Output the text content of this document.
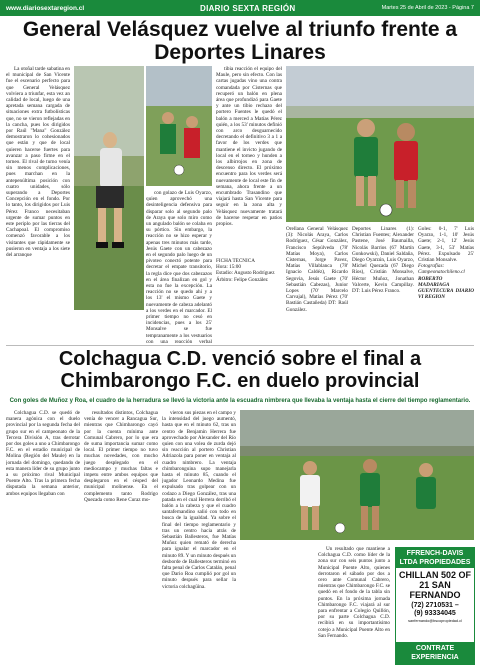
www.diariosextaregion.cl	DIARIO SEXTA REGIÓN	Martes 25 de Abril de 2023 - Página 7
General Velásquez vuelve al triunfo frente a Deportes Linares

La otoñal tarde sabatina en el municipal de San Vicente fue el escenario perfecto para que General Velásquez volviera a triunfar, esta vez an calidad de local, luego de una apretada semana cargada de situaciones extra futbolísticas que, no se vieron reflejadas en la cancha, pues los dirigidos por Raúl "Mana" González demostraron lo cohesionados que están y que de local quieren hacerse fuertes para avanzar a paso firme en el torneo. El rival de turno venía sin menos complicaciones, pues marchan en la antepenúltima posición con cuatro unidades, sólo superando a Deportes Concepción en el fondo. Por lo tanto, los dirigidos por Luis Pérez Franco necesitaban urgente de sumar puntos en este periplo por las tierras del Cachapoal. El compromiso comenzó favorable a los visitantes que rápidamente se pusieron en ventaja a los siete del arranque

con golazo de Luis Oyarzo, quien aprovechó una desinteligencia defensiva para disparar solo al segundo palo de Araya que solo miro como un angulado balón se colaba en su pórtico. Sin embargo, la reacción no se hizo esperar y apenas tres minutos más tarde, Jesús Gaete con un cabezazo en el segundo palo luego de un pivoteo conectó potente para decretar el empate transitorio, la regla dice que dos cabezazos en el área finalizan en gol y esta no fue la excepción. La reacción no se quedo ahí y a los 13' el mismo Gaete y nuevamente de cabeza adelantó a los verdes en el marcador. El primer tiempo no cesó en incidencias, pues a los 25' Monsalve se fue tempranamente a los vestuarios con una reacción verbal

tibia reacción el equipo del Maule, pero sin efecto. Con las cartas jugadas vino una contra comandada por Cisternas que recuperó un balón en plena área que profundizó para Gaete y ante un tibio rechazo del portero Fuentes le quedó el balón a merced a Matías Pérez quién, a los 53' minutos definió con arco desguarnecido decretando el definitivo 3 a 1 a favor de los verdes que mantiene el invicto jugando de local en el torneo y hunden a los albirrojos en zona de descenso directo. El próximo encuentro para los verdes será nuevamente de local este fin de semana, ahora frente a un encumbrado Trasandino que viajará hasta San Vicente para seguir en la zona alta y Velásquez nuevamente tratará de hacerse respetar en patios propios.

FICHA TÉCNICA
Hora: 15:00
Estadio: Augusto Rodríguez
Árbitro: Felipe González

Orellana General Velásquez (3): Nicolás Araya, Carlos Rodríguez, César González, Francisco Sepúlveda (78' Matías Moya), Carlos Cisternas, Jorge Pavez, Matías Villablanca (78' Ignacio Caldéz), Ricardo Segovia, Jesús Gaete (70' Sebastián Cabezas), Junior Lopes (70' Marcelo Carvajal), Matías Pérez (70' Bastián Castañeda) DT: Raúl González.

Deportes Linares (1): Christian Fuentes; Alexander Pastene, José Baumailla, Nicolás Barrios (67 Martín Gonkowski), Daniel Saldaña, Diego Oyarzún, Luis Oyarzo, Michel Quezada (67 Diego Ríos), Cristián Monsalve, Héctor Muñoz, Jonathan Valcerte, Kevin Campillay. DT: Luis Pérez Franco.

Goles: 0-1, 7' Luis Oyarzo, 1-1, 10' Jesús Gaete; 2-1, 12' Jesús Gaete, 3-1, 53' Matías Pérez. Expulsado 25' Cristian Monsalve.

Fotografías: Campeonatochileno.cl

ROBERTO MADARIAGA GUENTECURA DIARIO VI REGION

Colchagua C.D. venció sobre el final a Chimbarongo F.C. en duelo provincial
Con goles de Muñoz y Roa, el cuadro de la herradura se llevó la victoria ante la escuadra nimbrera que llevaba la ventaja hasta el cierre del tiempo reglamentario.

Colchagua C.D. se quedó de manera agónica con el duelo provincial por la segunda fecha del grupo sur en el campeonato de la Tercera División A, tras derrotar por dos goles a uno a Chimbarongo F.C. en el estadio municipal de Molina (Región del Maule) en la jornada del domingo, quedando de esta manera líder de su grupo junto a su próximo rival Municipal Puente Alto. Tras la primera fecha disputada la semana anterior, ambos equipos llegaban con

resultados distintos, Colchagua venía de vencer a Rancagua Sur, mientras que Chimbarongo cayó por la cuenta mínima ante Comunal Cabrero, por lo que era de suma importancia sumar como local. El primer tiempo no tuvo muchas novedades, con mucho juego desplegado en el mediocampo y muchas faltas e impetu entre ambos equipos que desplegaron en el césped del municipal molinense. En el complemento tanto Rodrigo Quezada como Rene Curaz mo-

vieron sus piezas en el campo y la intensidad del juego aumentó, hasta que en el minuto 62, tras un centro de Benjamín Herrera fue aprovechado por Alexander del Río quien con una volea de zurda dejó sin reacción al portero Christian Adriazola para poner en ventaja al cuadro nimbrero. La ventaja chimbaronguina supo manejarla hasta el minuto 85, cuando el jugador Leonardo Medina fue expulsado tras golpear con un codazo a Diego González, tras una patada en el cual Herrera derribó el balón a la cabeza y que el cuadro santafernandino salió con todo en busca de la igualdad. Ya sobre el final del tiempo reglamentario y tras un centro hacia atrás de Sebastián Ballesteros, fue Matías Muñoz quien remató de derecha para igualar el marcador en el minuto 89. Y un minuto después un desborde de Ballesteros terminó en falta penal de Carlos Catalán, penal que Dario Roa cumplió por gol un minuto después para sellar la victoria colchagüina.

Un resultado que mantiene a Colchagua C.D. como líder de la zona sur con seis puntos junto a Municipal Puente Alto, quienes derrotaron el sábado por dos a cero ante Comunal Cabrero, mientras que Chimbarongo F.C. se quedó en el fondo de la tabla sin puntos. En la próxima jornada Chimbarongo F.C. viajará al sur para enfrentar a Colegio Quillón, por su parte Colchagua C.D. recibirá en su importantísimo cotejo a Municipal Puente Alto en San Fernando.

FFRENCH-DAVIS LTDA PROPIEDADES
CHILLAN 502 OF 21 SAN FERNANDO
(72) 2710531 –
(9) 93334045
sanfernando@bscopropiedad.cl
CONTRATE EXPERIENCIA
